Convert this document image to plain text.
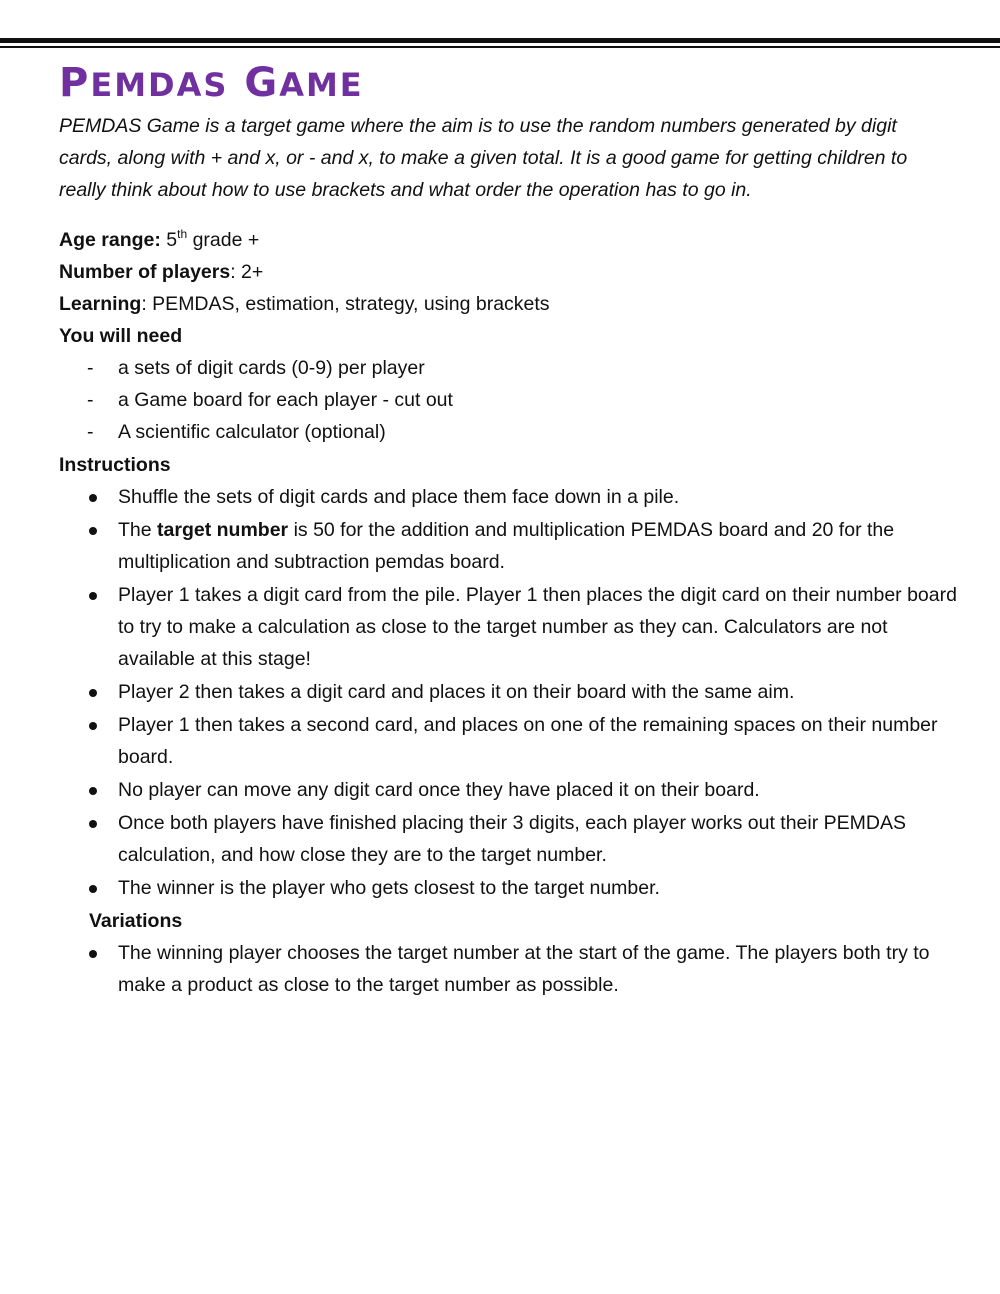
PEMDAS GAME

PEMDAS Game is a target game where the aim is to use the random numbers generated by digit cards, along with + and x, or - and x, to make a given total. It is a good game for getting children to really think about how to use brackets and what order the operation has to go in.

Age range: 5th grade +
Number of players: 2+
Learning: PEMDAS, estimation, strategy, using brackets
You will need
- a sets of digit cards (0-9) per player
- a Game board for each player - cut out
- A scientific calculator (optional)
Instructions
Shuffle the sets of digit cards and place them face down in a pile.
The target number is 50 for the addition and multiplication PEMDAS board and 20 for the multiplication and subtraction pemdas board.
Player 1 takes a digit card from the pile. Player 1 then places the digit card on their number board to try to make a calculation as close to the target number as they can. Calculators are not available at this stage!
Player 2 then takes a digit card and places it on their board with the same aim.
Player 1 then takes a second card, and places on one of the remaining spaces on their number board.
No player can move any digit card once they have placed it on their board.
Once both players have finished placing their 3 digits, each player works out their PEMDAS calculation, and how close they are to the target number.
The winner is the player who gets closest to the target number.
Variations
The winning player chooses the target number at the start of the game. The players both try to make a product as close to the target number as possible.
